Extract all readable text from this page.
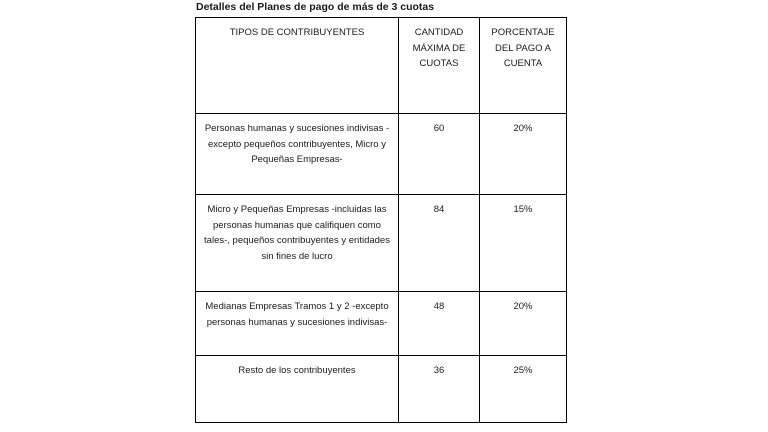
Detalles del Planes de pago de más de 3 cuotas
TIPOS DE CONTRIBUYENTES	CANTIDAD MÁXIMA DE CUOTAS	PORCENTAJE DEL PAGO A CUENTA
Personas humanas y sucesiones indivisas -excepto pequeños contribuyentes, Micro y Pequeñas Empresas-	60	20%
Micro y Pequeñas Empresas -incluidas las personas humanas que califiquen como tales-, pequeños contribuyentes y entidades sin fines de lucro	84	15%
Medianas Empresas Tramos 1 y 2 -excepto personas humanas y sucesiones indivisas-	48	20%
Resto de los contribuyentes	36	25%
